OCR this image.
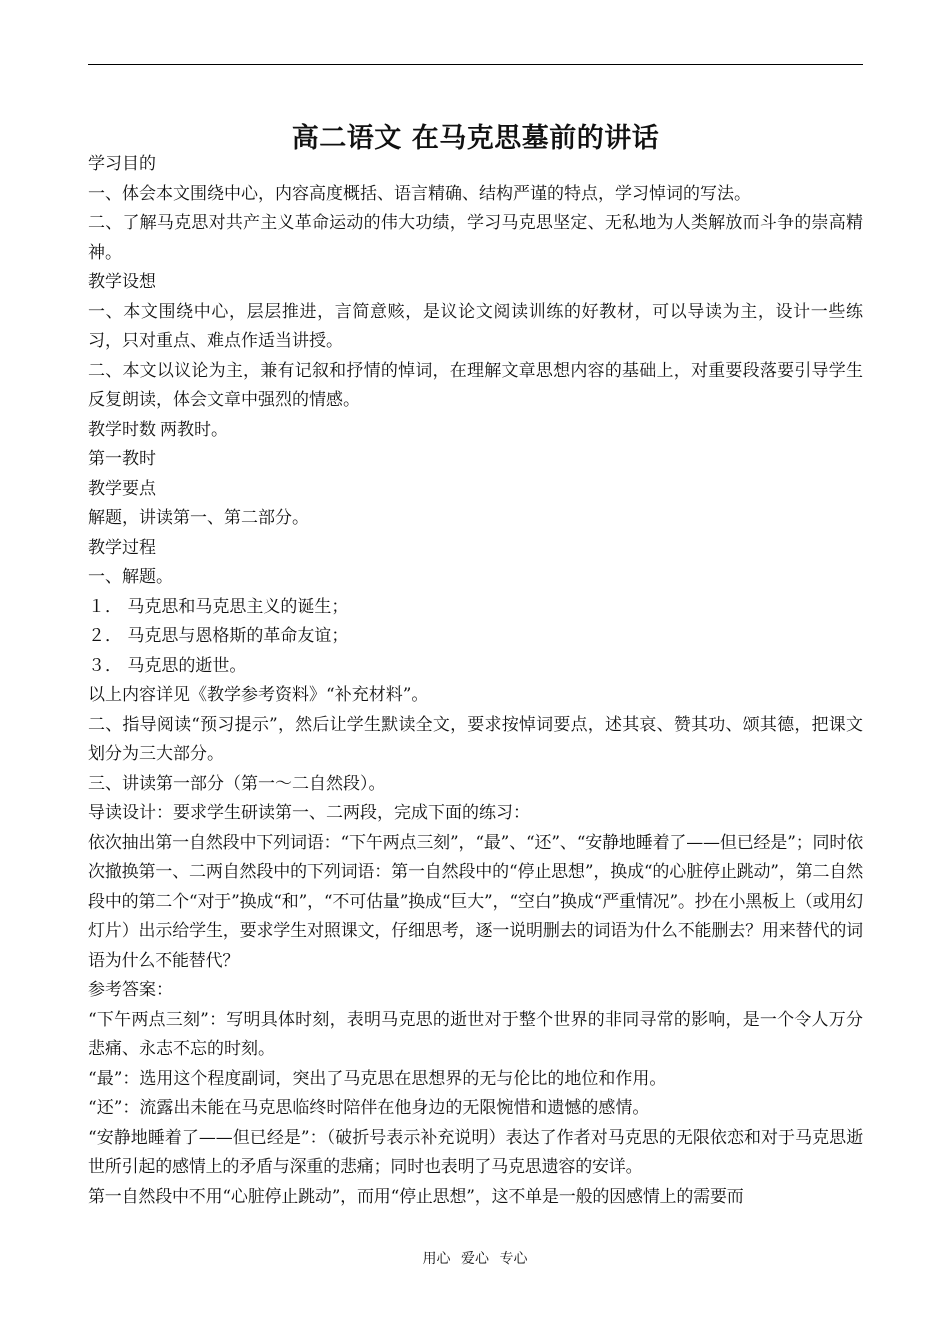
高二语文 在马克思墓前的讲话

学习目的

一、体会本文围绕中心，内容高度概括、语言精确、结构严谨的特点，学习悼词的写法。

二、了解马克思对共产主义革命运动的伟大功绩，学习马克思坚定、无私地为人类解放而斗争的崇高精神。

教学设想

一、本文围绕中心，层层推进，言简意赅，是议论文阅读训练的好教材，可以导读为主，设计一些练习，只对重点、难点作适当讲授。

二、本文以议论为主，兼有记叙和抒情的悼词，在理解文章思想内容的基础上，对重要段落要引导学生反复朗读，体会文章中强烈的情感。

教学时数 两教时。

第一教时

教学要点

解题，讲读第一、第二部分。

教学过程

一、解题。

１． 马克思和马克思主义的诞生；

２． 马克思与恩格斯的革命友谊；

３． 马克思的逝世。

以上内容详见《教学参考资料》“补充材料”。

二、指导阅读“预习提示”，然后让学生默读全文，要求按悼词要点，述其哀、赞其功、颂其德，把课文划分为三大部分。

三、讲读第一部分（第一～二自然段）。

导读设计：要求学生研读第一、二两段，完成下面的练习：

依次抽出第一自然段中下列词语：“下午两点三刻”，“最”、“还”、“安静地睡着了——但已经是”；同时依次撤换第一、二两自然段中的下列词语：第一自然段中的“停止思想”，换成“的心脏停止跳动”，第二自然段中的第二个“对于”换成“和”，“不可估量”换成“巨大”，“空白”换成“严重情况”。抄在小黑板上（或用幻灯片）出示给学生，要求学生对照课文，仔细思考，逐一说明删去的词语为什么不能删去？用来替代的词语为什么不能替代？

参考答案：

“下午两点三刻”：写明具体时刻，表明马克思的逝世对于整个世界的非同寻常的影响，是一个令人万分悲痛、永志不忘的时刻。

“最”：选用这个程度副词，突出了马克思在思想界的无与伦比的地位和作用。

“还”：流露出未能在马克思临终时陪伴在他身边的无限惋惜和遗憾的感情。

“安静地睡着了——但已经是”：（破折号表示补充说明）表达了作者对马克思的无限依恋和对于马克思逝世所引起的感情上的矛盾与深重的悲痛；同时也表明了马克思遗容的安详。

第一自然段中不用“心脏停止跳动”，而用“停止思想”，这不单是一般的因感情上的需要而

用心 爱心 专心
